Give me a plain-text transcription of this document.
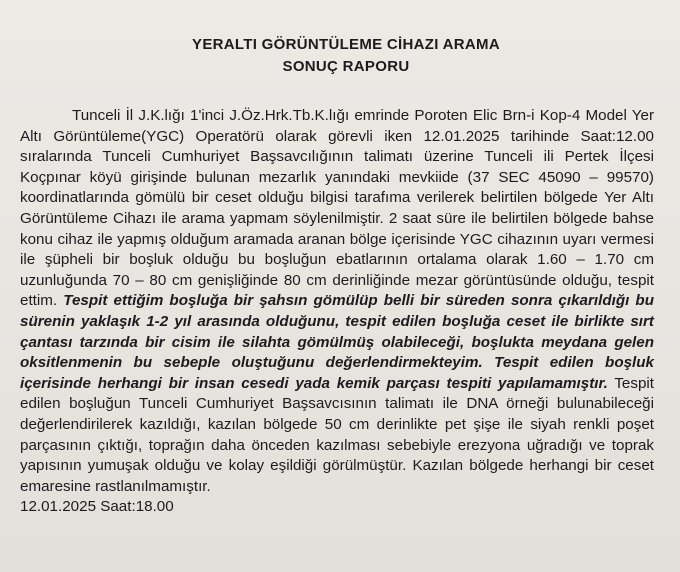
YERALTI GÖRÜNTÜLEME CİHAZI ARAMA
SONUÇ RAPORU

Tunceli İl J.K.lığı 1'inci J.Öz.Hrk.Tb.K.lığı emrinde Poroten Elic Brn-i Kop-4 Model Yer Altı Görüntüleme(YGC) Operatörü olarak görevli iken 12.01.2025 tarihinde Saat:12.00 sıralarında Tunceli Cumhuriyet Başsavcılığının talimatı üzerine Tunceli ili Pertek İlçesi Koçpınar köyü girişinde bulunan mezarlık yanındaki mevkiide (37 SEC 45090 – 99570) koordinatlarında gömülü bir ceset olduğu bilgisi tarafıma verilerek belirtilen bölgede Yer Altı Görüntüleme Cihazı ile arama yapmam söylenilmiştir. 2 saat süre ile belirtilen bölgede bahse konu cihaz ile yapmış olduğum aramada aranan bölge içerisinde YGC cihazının uyarı vermesi ile şüpheli bir boşluk olduğu bu boşluğun ebatlarının ortalama olarak 1.60 – 1.70 cm uzunluğunda 70 – 80 cm genişliğinde 80 cm derinliğinde mezar görüntüsünde olduğu, tespit ettim. Tespit ettiğim boşluğa bir şahsın gömülüp belli bir süreden sonra çıkarıldığı bu sürenin yaklaşık 1-2 yıl arasında olduğunu, tespit edilen boşluğa ceset ile birlikte sırt çantası tarzında bir cisim ile silahta gömülmüş olabileceği, boşlukta meydana gelen oksitlenmenin bu sebeple oluştuğunu değerlendirmekteyim. Tespit edilen boşluk içerisinde herhangi bir insan cesedi yada kemik parçası tespiti yapılamamıştır. Tespit edilen boşluğun Tunceli Cumhuriyet Başsavcısının talimatı ile DNA örneği bulunabileceği değerlendirilerek kazıldığı, kazılan bölgede 50 cm derinlikte pet şişe ile siyah renkli poşet parçasının çıktığı, toprağın daha önceden kazılması sebebiyle erezyona uğradığı ve toprak yapısının yumuşak olduğu ve kolay eşildiği görülmüştür. Kazılan bölgede herhangi bir ceset emaresine rastlanılmamıştır.
12.01.2025 Saat:18.00
